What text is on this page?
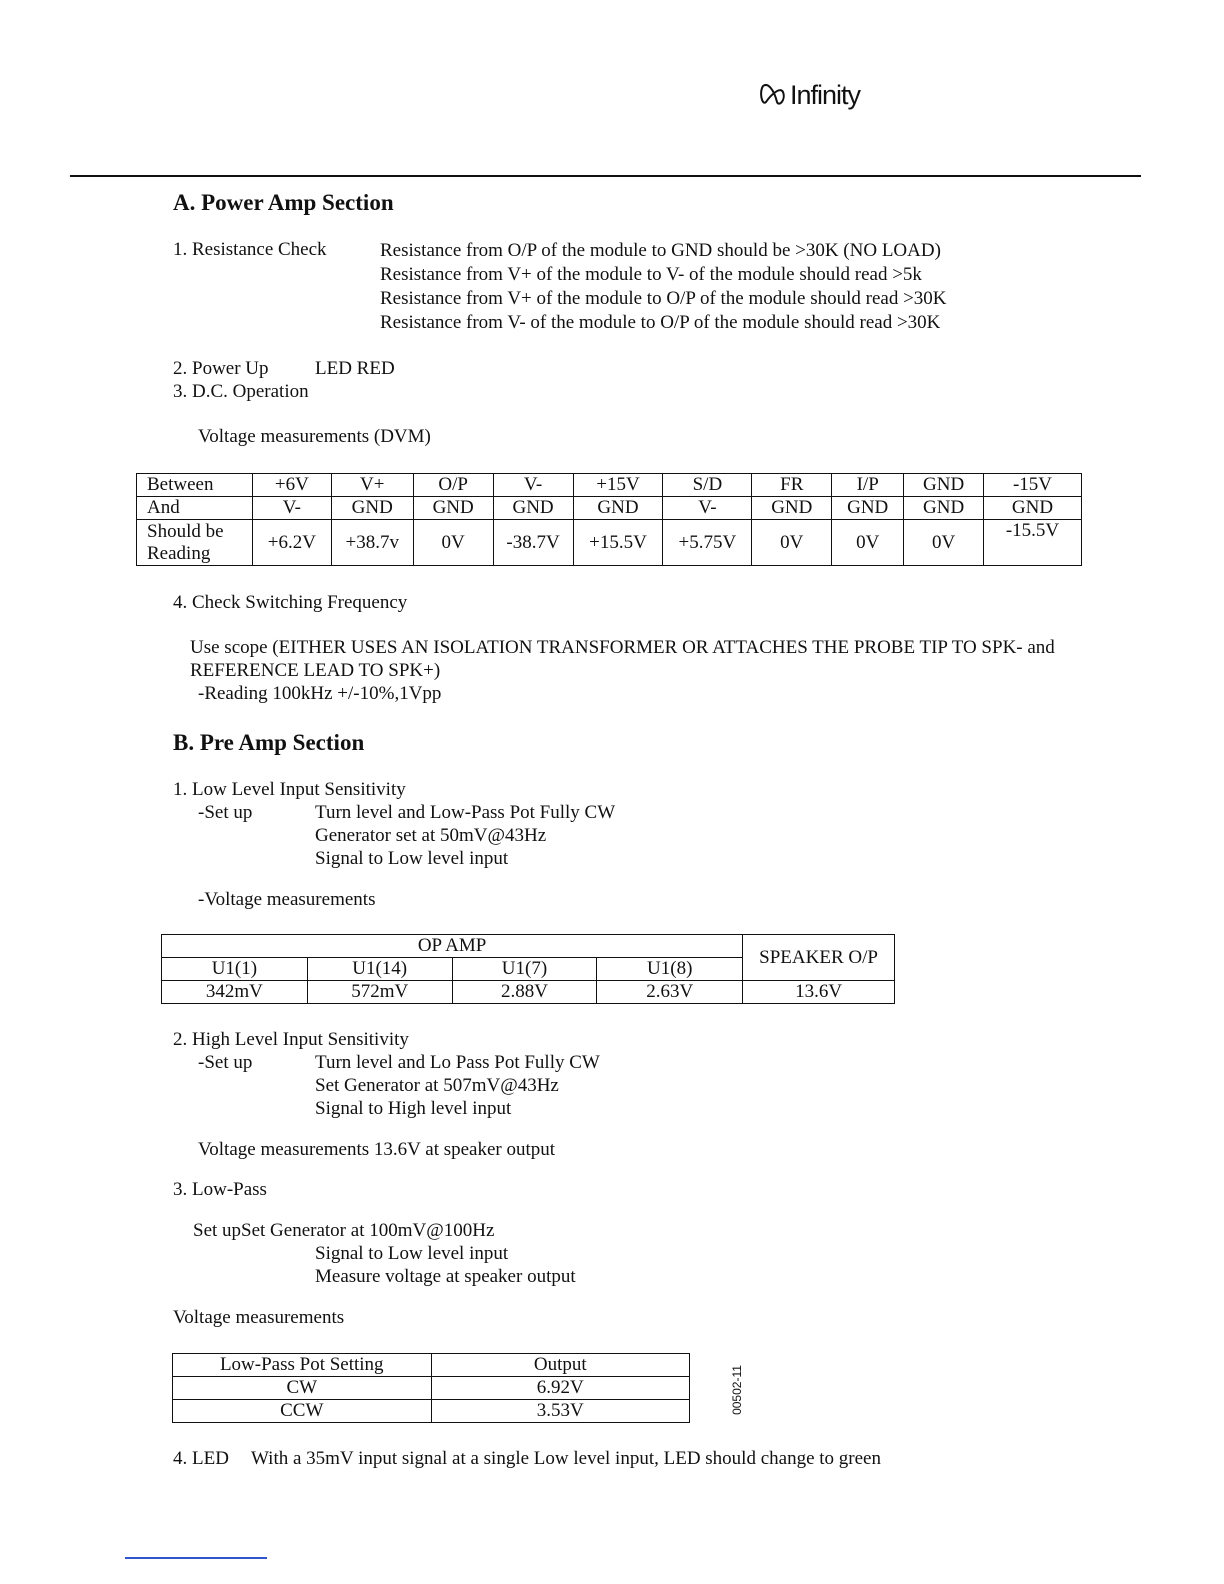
Infinity
A. Power Amp Section
1. Resistance Check	Resistance from O/P of the module to GND should be >30K (NO LOAD)
Resistance from V+ of the module to V- of the module should read >5k
Resistance from V+ of the module to O/P of the module should read >30K
Resistance from V- of the module to O/P of the module should read >30K
2. Power Up LED RED
3. D.C. Operation
Voltage measurements (DVM)
Between	+6V	V+	O/P	V-	+15V	S/D	FR	I/P	GND	-15V
And	V-	GND	GND	GND	GND	V-	GND	GND	GND	GND
Should be Reading	+6.2V	+38.7v	0V	-38.7V	+15.5V	+5.75V	0V	0V	0V	-15.5V
4. Check Switching Frequency
Use scope (EITHER USES AN ISOLATION TRANSFORMER OR ATTACHES THE PROBE TIP TO SPK- and
REFERENCE LEAD TO SPK+)
-Reading 100kHz +/-10%,1Vpp
B. Pre Amp Section
1. Low Level Input Sensitivity
-Set up	Turn level and Low-Pass Pot Fully CW
Generator set at 50mV@43Hz
Signal to Low level input
-Voltage measurements
OP AMP				SPEAKER O/P
U1(1)	U1(14)	U1(7)	U1(8)	
342mV	572mV	2.88V	2.63V	13.6V
2. High Level Input Sensitivity
-Set up	Turn level and Lo Pass Pot Fully CW
Set Generator at 507mV@43Hz
Signal to High level input
Voltage measurements 13.6V at speaker output
3. Low-Pass
Set upSet Generator at 100mV@100Hz
Signal to Low level input
Measure voltage at speaker output
Voltage measurements
Low-Pass Pot Setting	Output
CW	6.92V
CCW	3.53V	00502-11
4. LED With a 35mV input signal at a single Low level input, LED should change to green
